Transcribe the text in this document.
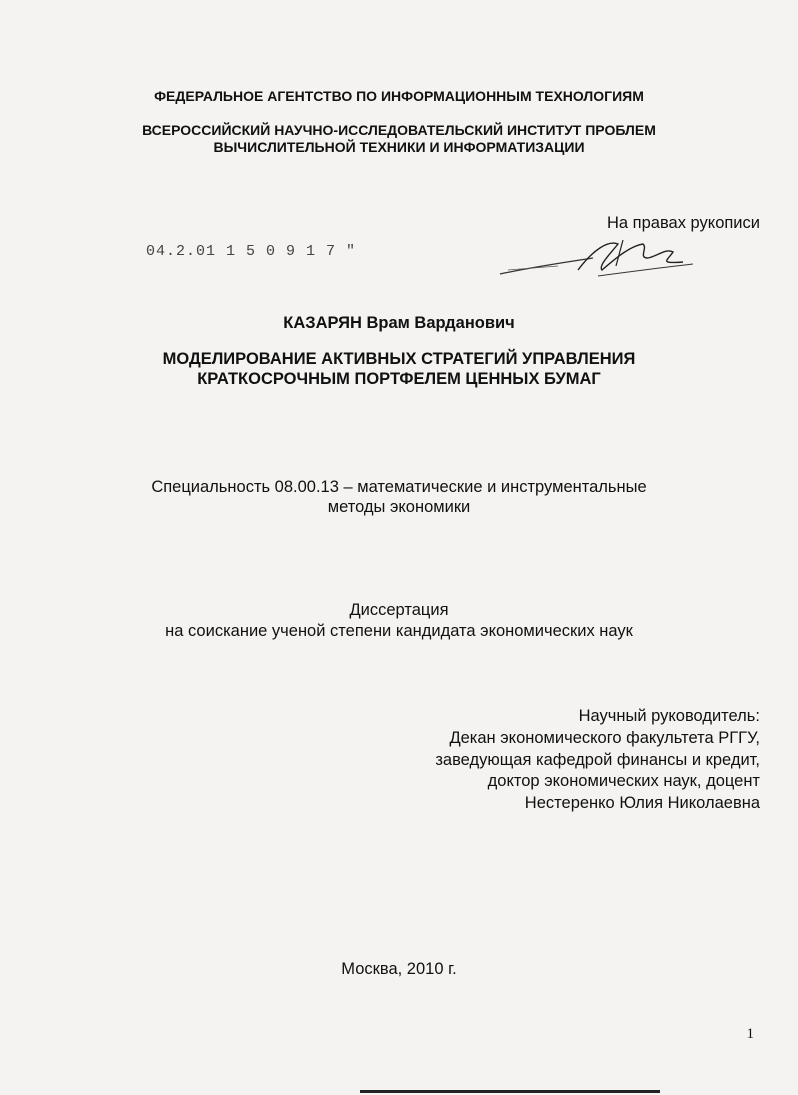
ФЕДЕРАЛЬНОЕ АГЕНТСТВО ПО ИНФОРМАЦИОННЫМ ТЕХНОЛОГИЯМ
ВСЕРОССИЙСКИЙ НАУЧНО-ИССЛЕДОВАТЕЛЬСКИЙ ИНСТИТУТ ПРОБЛЕМ
ВЫЧИСЛИТЕЛЬНОЙ ТЕХНИКИ И ИНФОРМАТИЗАЦИИ
На правах рукописи
04.2.01 1 5 0 9 1 7 "
КАЗАРЯН Врам Варданович
МОДЕЛИРОВАНИЕ АКТИВНЫХ СТРАТЕГИЙ УПРАВЛЕНИЯ
КРАТКОСРОЧНЫМ ПОРТФЕЛЕМ ЦЕННЫХ БУМАГ
Специальность 08.00.13 – математические и инструментальные
методы экономики
Диссертация
на соискание ученой степени кандидата экономических наук
Научный руководитель:
Декан экономического факультета РГГУ,
заведующая кафедрой финансы и кредит,
доктор экономических наук, доцент
Нестеренко Юлия Николаевна
Москва, 2010 г.
1
